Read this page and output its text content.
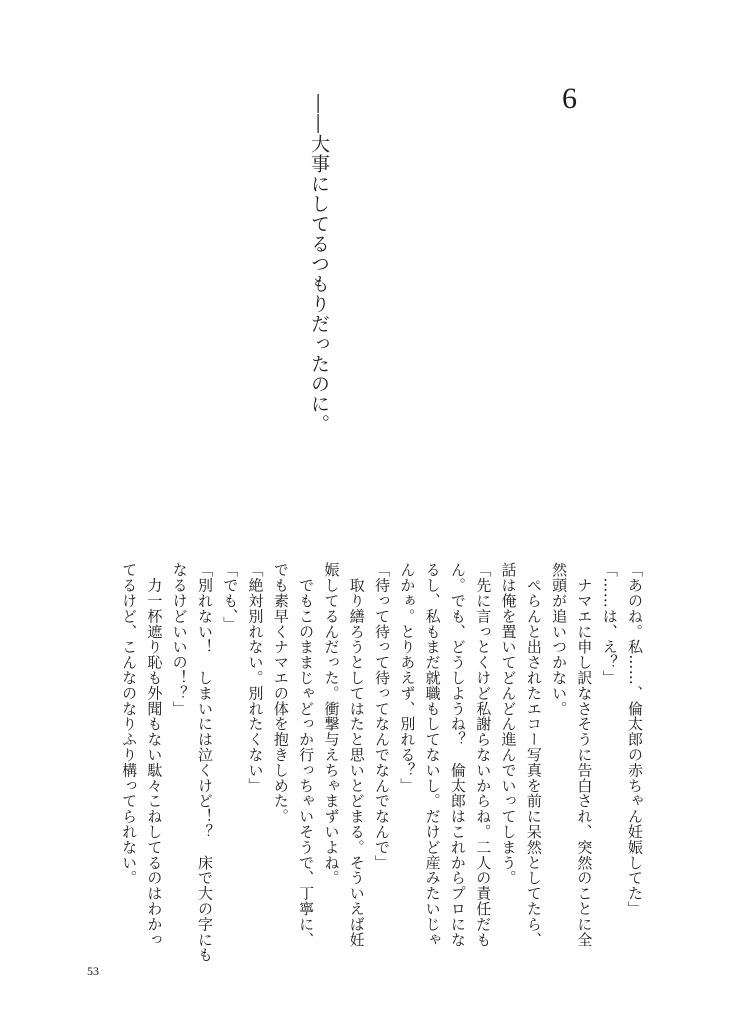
6
――大事にしてるつもりだったのに。

「あのね。私……、倫太郎の赤ちゃん妊娠してた」

「……は、え？」

　ナマエに申し訳なさそうに告白され、突然のことに全

然頭が追いつかない。

　ぺらんと出されたエコー写真を前に呆然としてたら、

話は俺を置いてどんどん進んでいってしまう。

「先に言っとくけど私謝らないからね。二人の責任だも

ん。でも、どうしようね？　倫太郎はこれからプロにな

るし、私もまだ就職もしてないし。だけど産みたいじゃ

んかぁ。とりあえず、別れる？」

「待って待って待ってなんでなんでなんで」

　取り繕ろうとしてはたと思いとどまる。そういえば妊

娠してるんだった。衝撃与えちゃまずいよね。

　でもこのままじゃどっか行っちゃいそうで、丁寧に、

でも素早くナマエの体を抱きしめた。

「絶対別れない。別れたくない」

「でも、」

「別れない！　しまいには泣くけど！？　床で大の字にも

なるけどいいの！？」

　力一杯遮り恥も外聞もない駄々こねしてるのはわかっ

てるけど、こんなのなりふり構ってられない。

53
